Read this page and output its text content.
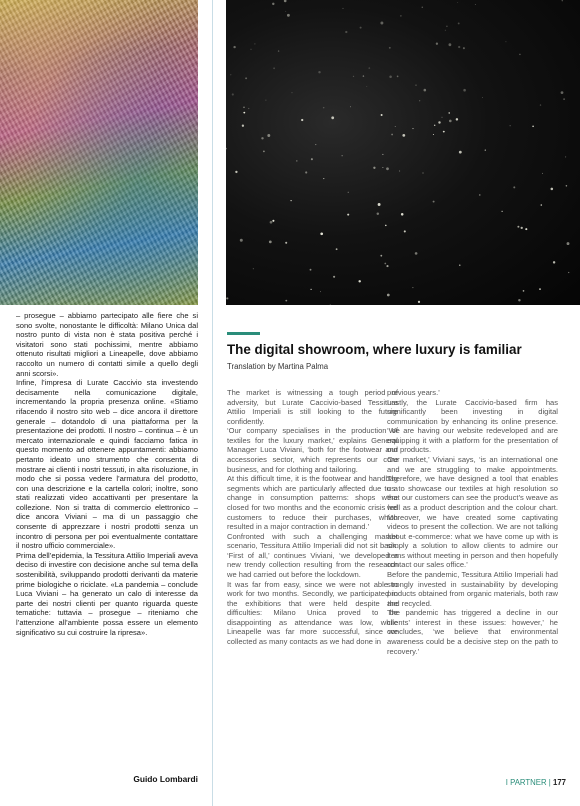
– prosegue – abbiamo partecipato alle fiere che si sono svolte, nonostante le difficoltà: Milano Unica dal nostro punto di vista non è stata positiva perché i visitatori sono stati pochissimi, mentre abbiamo ottenuto risultati migliori a Lineapelle, dove abbiamo raccolto un numero di contatti simile a quello degli anni scorsi».

Infine, l’impresa di Lurate Caccivio sta investendo decisamente nella comunicazione digitale, incrementando la propria presenza online. «Stiamo rifacendo il nostro sito web – dice ancora il direttore generale – dotandolo di una piattaforma per la presentazione dei prodotti. Il nostro – continua – è un mercato internazionale e quindi facciamo fatica in questo momento ad ottenere appuntamenti: abbiamo pertanto ideato uno strumento che consenta di mostrare ai clienti i nostri tessuti, in alta risoluzione, in modo che si possa vedere l’armatura del prodotto, con una descrizione e la cartella colori; inoltre, sono stati realizzati video accattivanti per presentare la collezione. Non si tratta di commercio elettronico – dice ancora Viviani – ma di un passaggio che consente di apprezzare i nostri prodotti senza un incontro di persona per poi eventualmente contattare il nostro ufficio commerciale».

Prima dell’epidemia, la Tessitura Attilio Imperiali aveva deciso di investire con decisione anche sul tema della sostenibilità, sviluppando prodotti derivanti da materie prime biologiche o riciclate. «La pandemia – conclude Luca Viviani – ha generato un calo di interesse da parte dei nostri clienti per quanto riguarda queste tematiche: tuttavia – prosegue – riteniamo che l’attenzione all’ambiente possa essere un elemento significativo su cui costruire la ripresa».

Guido Lombardi
The digital showroom, where luxury is familiar
Translation by Martina Palma

The market is witnessing a tough period of adversity, but Lurate Caccivio-based Tessitura Attilio Imperiali is still looking to the future confidently.

‘Our company specialises in the production of textiles for the luxury market,’ explains General Manager Luca Viviani, ‘both for the footwear and accessories sector, which represents our core business, and for clothing and tailoring.

At this difficult time, it is the footwear and handbag segments which are particularly affected due to a change in consumption patterns: shops were closed for two months and the economic crisis led customers to reduce their purchases, which resulted in a major contraction in demand.’

Confronted with such a challenging market scenario, Tessitura Attilio Imperiali did not sit back. ‘First of all,’ continues Viviani, ‘we developed a new trendy collection resulting from the research we had carried out before the lockdown.

It was far from easy, since we were not able to work for two months. Secondly, we participated in the exhibitions that were held despite the difficulties: Milano Unica proved to be disappointing as attendance was low, while Lineapelle was far more successful, since we collected as many contacts as we had done in

previous years.’

Lastly, the Lurate Caccivio-based firm has significantly been investing in digital communication by enhancing its online presence. ‘We are having our website redeveloped and are equipping it with a platform for the presentation of our products.

Our market,’ Viviani says, ‘is an international one and we are struggling to make appointments. Therefore, we have designed a tool that enables us to showcase our textiles at high resolution so that our customers can see the product’s weave as well as a product description and the colour chart. Moreover, we have created some captivating videos to present the collection. We are not talking about e-commerce: what we have come up with is simply a solution to allow clients to admire our items without meeting in person and then hopefully contact our sales office.’

Before the pandemic, Tessitura Attilio Imperiali had strongly invested in sustainability by developing products obtained from organic materials, both raw and recycled.

The pandemic has triggered a decline in our clients’ interest in these issues: however,’ he concludes, ‘we believe that environmental awareness could be a decisive step on the path to recovery.’

I PARTNER | 177
